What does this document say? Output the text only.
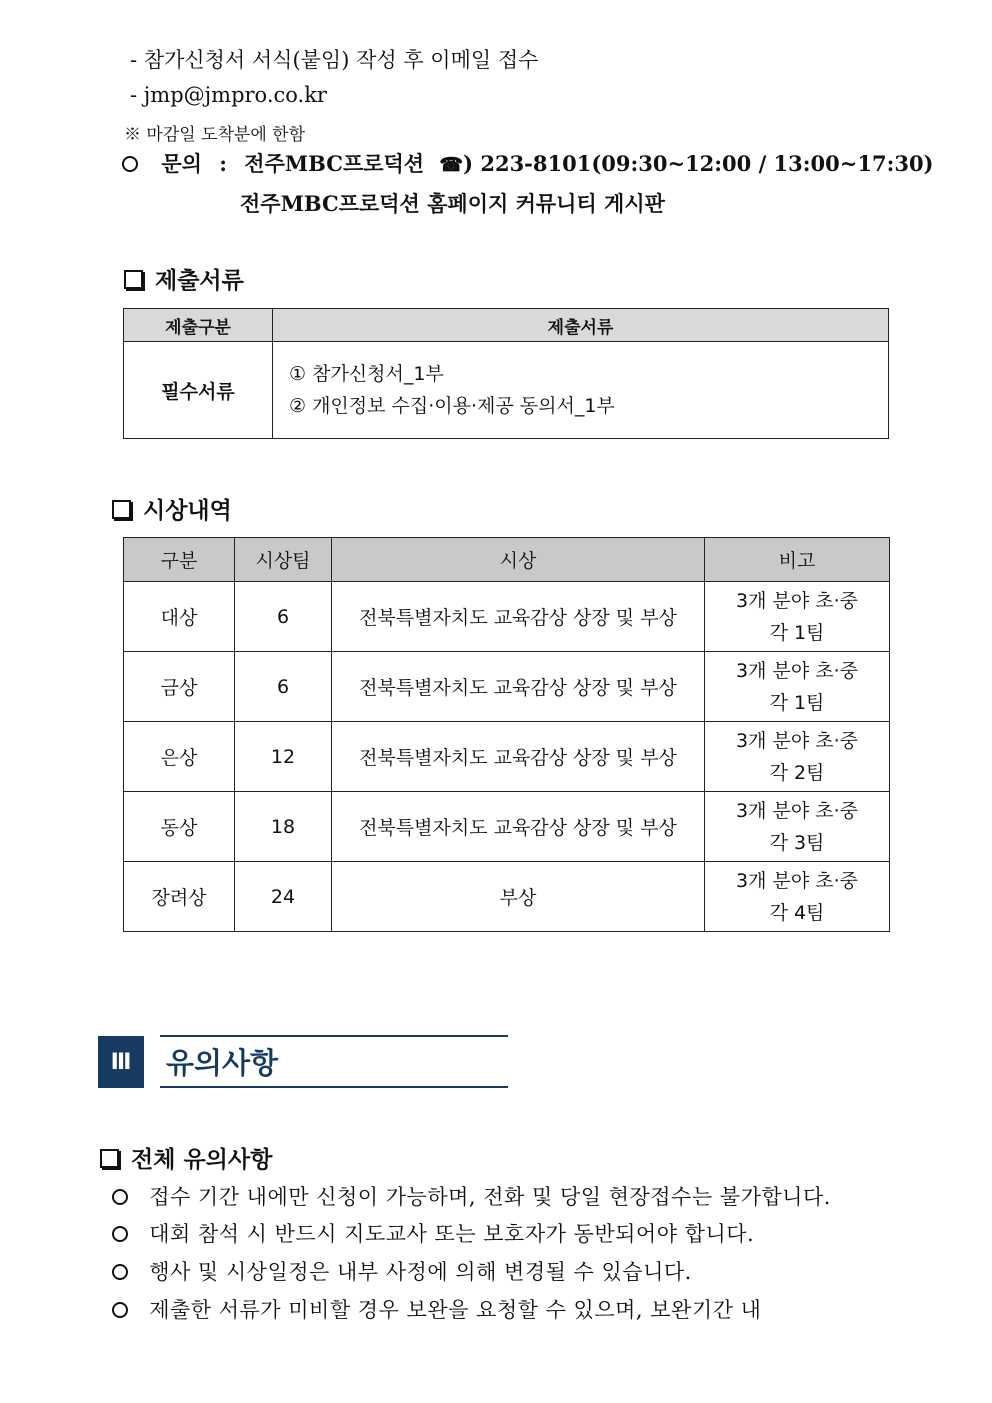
- 참가신청서 서식(붙임) 작성 후 이메일 접수
- jmp@jmpro.co.kr
※ 마감일 도착분에 한함
문의 : 전주MBC프로덕션 ☎) 223-8101(09:30~12:00 / 13:00~17:30)
전주MBC프로덕션 홈페이지 커뮤니티 게시판
제출서류
제출구분	제출서류
필수서류	① 참가신청서_1부
② 개인정보 수집·이용·제공 동의서_1부
시상내역
구분	시상팀	시상	비고
대상	6	전북특별자치도 교육감상 상장 및 부상	3개 분야 초·중
각 1팀

금상	6	전북특별자치도 교육감상 상장 및 부상	3개 분야 초·중
각 1팀

은상	12	전북특별자치도 교육감상 상장 및 부상	3개 분야 초·중
각 2팀

동상	18	전북특별자치도 교육감상 상장 및 부상	3개 분야 초·중
각 3팀

장려상	24	부상	3개 분야 초·중
각 4팀
Ⅲ	유의사항
전체 유의사항
접수 기간 내에만 신청이 가능하며, 전화 및 당일 현장접수는 불가합니다.
대회 참석 시 반드시 지도교사 또는 보호자가 동반되어야 합니다.
행사 및 시상일정은 내부 사정에 의해 변경될 수 있습니다.
제출한 서류가 미비할 경우 보완을 요청할 수 있으며, 보완기간 내
